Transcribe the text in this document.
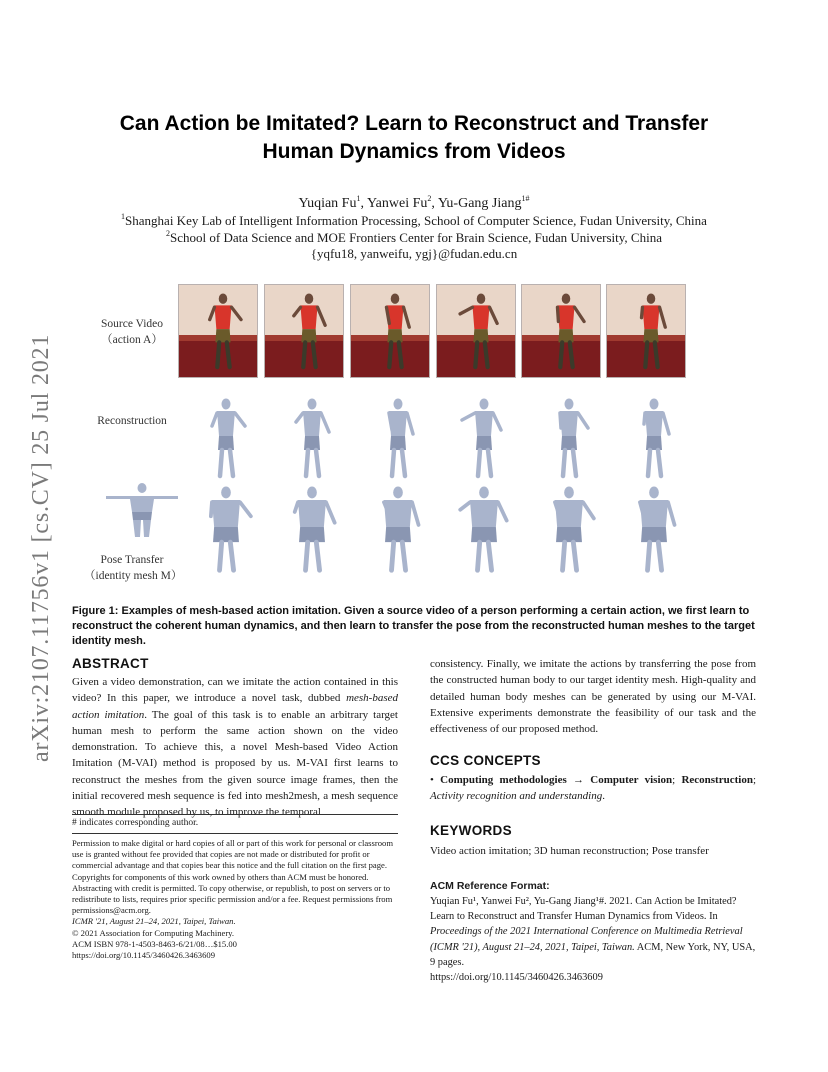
arXiv:2107.11756v1 [cs.CV] 25 Jul 2021
Can Action be Imitated? Learn to Reconstruct and Transfer
Human Dynamics from Videos
Yuqian Fu$^1$, Yanwei Fu$^2$, Yu-Gang Jiang$^{1\#}$
$^1$Shanghai Key Lab of Intelligent Information Processing, School of Computer Science, Fudan University, China
$^2$School of Data Science and MOE Frontiers Center for Brain Science, Fudan University, China
{yqfu18, yanweifu, ygj}@fudan.edu.cn
Source Video
（action A）
Reconstruction
Pose Transfer
（identity mesh M）
Figure 1: Examples of mesh-based action imitation. Given a source video of a person performing a certain action, we first learn to reconstruct the coherent human dynamics, and then learn to transfer the pose from the reconstructed human meshes to the target identity mesh.
ABSTRACT
Given a video demonstration, can we imitate the action contained in this video? In this paper, we introduce a novel task, dubbed mesh-based action imitation. The goal of this task is to enable an arbitrary target human mesh to perform the same action shown on the video demonstration. To achieve this, a novel Mesh-based Video Action Imitation (M-VAI) method is proposed by us. M-VAI first learns to reconstruct the meshes from the given source image frames, then the initial recovered mesh sequence is fed into mesh2mesh, a mesh sequence smooth module proposed by us, to improve the temporal
# indicates corresponding author.
Permission to make digital or hard copies of all or part of this work for personal or classroom use is granted without fee provided that copies are not made or distributed for profit or commercial advantage and that copies bear this notice and the full citation on the first page. Copyrights for components of this work owned by others than ACM must be honored. Abstracting with credit is permitted. To copy otherwise, or republish, to post on servers or to redistribute to lists, requires prior specific permission and/or a fee. Request permissions from permissions@acm.org.
ICMR '21, August 21–24, 2021, Taipei, Taiwan.
© 2021 Association for Computing Machinery.
ACM ISBN 978-1-4503-8463-6/21/08…$15.00
https://doi.org/10.1145/3460426.3463609
consistency. Finally, we imitate the actions by transferring the pose from the constructed human body to our target identity mesh. High-quality and detailed human body meshes can be generated by using our M-VAI. Extensive experiments demonstrate the feasibility of our task and the effectiveness of our proposed method.
CCS CONCEPTS
• Computing methodologies → Computer vision; Reconstruction; Activity recognition and understanding.
KEYWORDS
Video action imitation; 3D human reconstruction; Pose transfer
ACM Reference Format:
Yuqian Fu¹, Yanwei Fu², Yu-Gang Jiang¹#. 2021. Can Action be Imitated? Learn to Reconstruct and Transfer Human Dynamics from Videos. In Proceedings of the 2021 International Conference on Multimedia Retrieval (ICMR '21), August 21–24, 2021, Taipei, Taiwan. ACM, New York, NY, USA, 9 pages.
https://doi.org/10.1145/3460426.3463609
